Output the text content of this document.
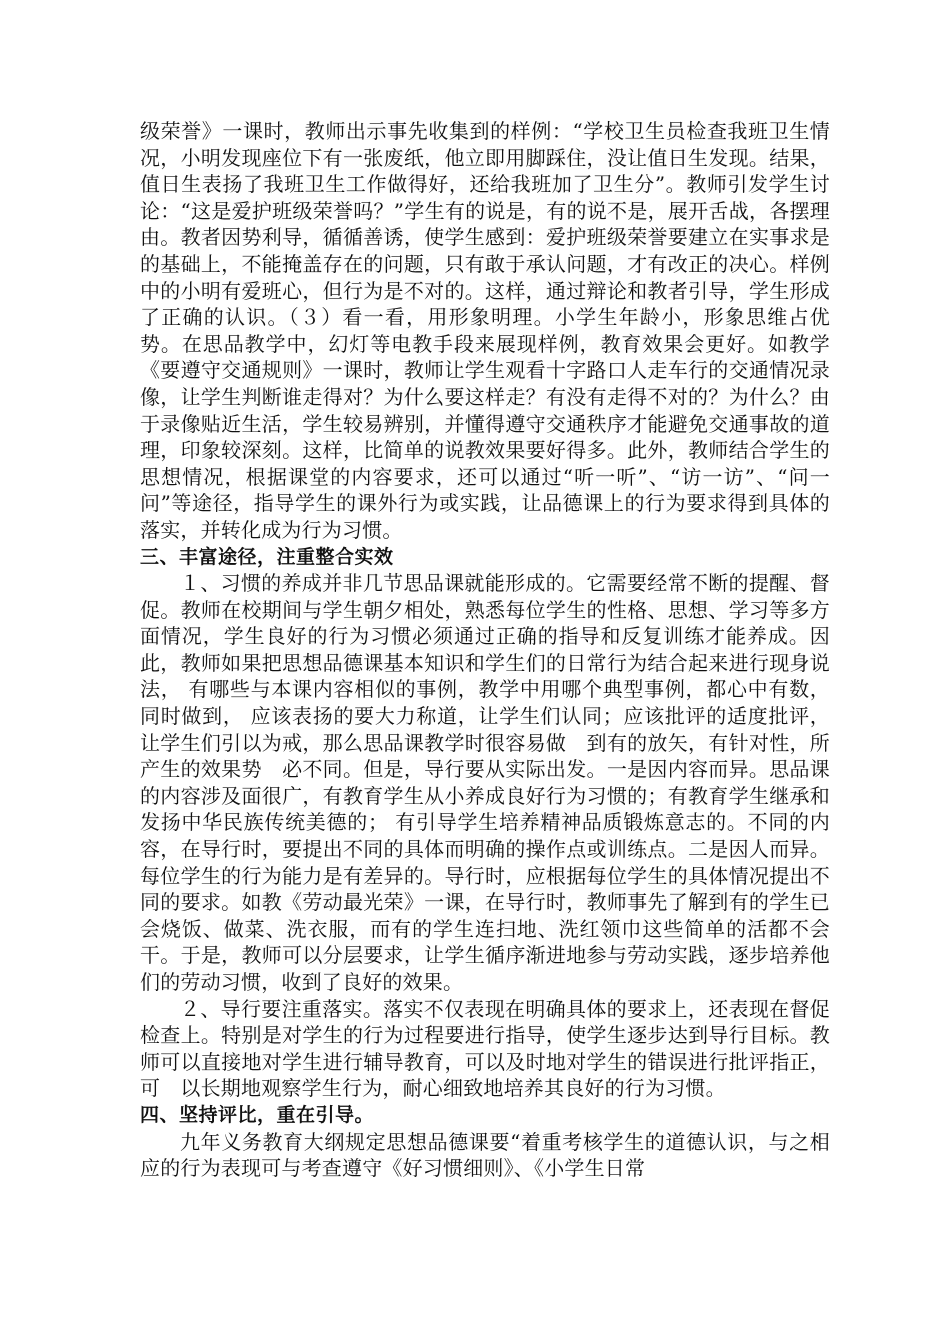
级荣誉》一课时，教师出示事先收集到的样例：“学校卫生员检查我班卫生情况，小明发现座位下有一张废纸，他立即用脚踩住，没让值日生发现。结果，值日生表扬了我班卫生工作做得好，还给我班加了卫生分”。教师引发学生讨论：“这是爱护班级荣誉吗？”学生有的说是，有的说不是，展开舌战，各摆理由。教者因势利导，循循善诱，使学生感到：爱护班级荣誉要建立在实事求是的基础上，不能掩盖存在的问题，只有敢于承认问题，才有改正的决心。样例中的小明有爱班心，但行为是不对的。这样，通过辩论和教者引导，学生形成了正确的认识。（３）看一看，用形象明理。小学生年龄小，形象思维占优势。在思品教学中，幻灯等电教手段来展现样例，教育效果会更好。如教学《要遵守交通规则》一课时，教师让学生观看十字路口人走车行的交通情况录像，让学生判断谁走得对？为什么要这样走？有没有走得不对的？为什么？由于录像贴近生活，学生较易辨别，并懂得遵守交通秩序才能避免交通事故的道理，印象较深刻。这样，比简单的说教效果要好得多。此外，教师结合学生的思想情况，根据课堂的内容要求，还可以通过“听一听”、“访一访”、“问一问”等途径，指导学生的课外行为或实践，让品德课上的行为要求得到具体的 落实，并转化成为行为习惯。

三、丰富途径，注重整合实效

１、习惯的养成并非几节思品课就能形成的。它需要经常不断的提醒、督促。教师在校期间与学生朝夕相处，熟悉每位学生的性格、思想、学习等多方面情况，学生良好的行为习惯必须通过正确的指导和反复训练才能养成。因此，教师如果把思想品德课基本知识和学生们的日常行为结合起来进行现身说法， 有哪些与本课内容相似的事例，教学中用哪个典型事例，都心中有数，同时做到， 应该表扬的要大力称道，让学生们认同；应该批评的适度批评，让学生们引以为戒，那么思品课教学时很容易做　到有的放矢，有针对性，所产生的效果势　必不同。但是，导行要从实际出发。一是因内容而异。思品课的内容涉及面很广，有教育学生从小养成良好行为习惯的；有教育学生继承和发扬中华民族传统美德的； 有引导学生培养精神品质锻炼意志的。不同的内容，在导行时，要提出不同的具体而明确的操作点或训练点。二是因人而异。每位学生的行为能力是有差异的。导行时，应根据每位学生的具体情况提出不同的要求。如教《劳动最光荣》一课，在导行时，教师事先了解到有的学生已会烧饭、做菜、洗衣服，而有的学生连扫地、洗红领巾这些简单的活都不会干。于是，教师可以分层要求，让学生循序渐进地参与劳动实践，逐步培养他们的劳动习惯，收到了良好的效果。

２、导行要注重落实。落实不仅表现在明确具体的要求上，还表现在督促检查上。特别是对学生的行为过程要进行指导，使学生逐步达到导行目标。教师可以直接地对学生进行辅导教育，可以及时地对学生的错误进行批评指正，可　以长期地观察学生行为，耐心细致地培养其良好的行为习惯。

四、坚持评比，重在引导。

九年义务教育大纲规定思想品德课要“着重考核学生的道德认识，与之相应的行为表现可与考查遵守《好习惯细则》、《小学生日常
